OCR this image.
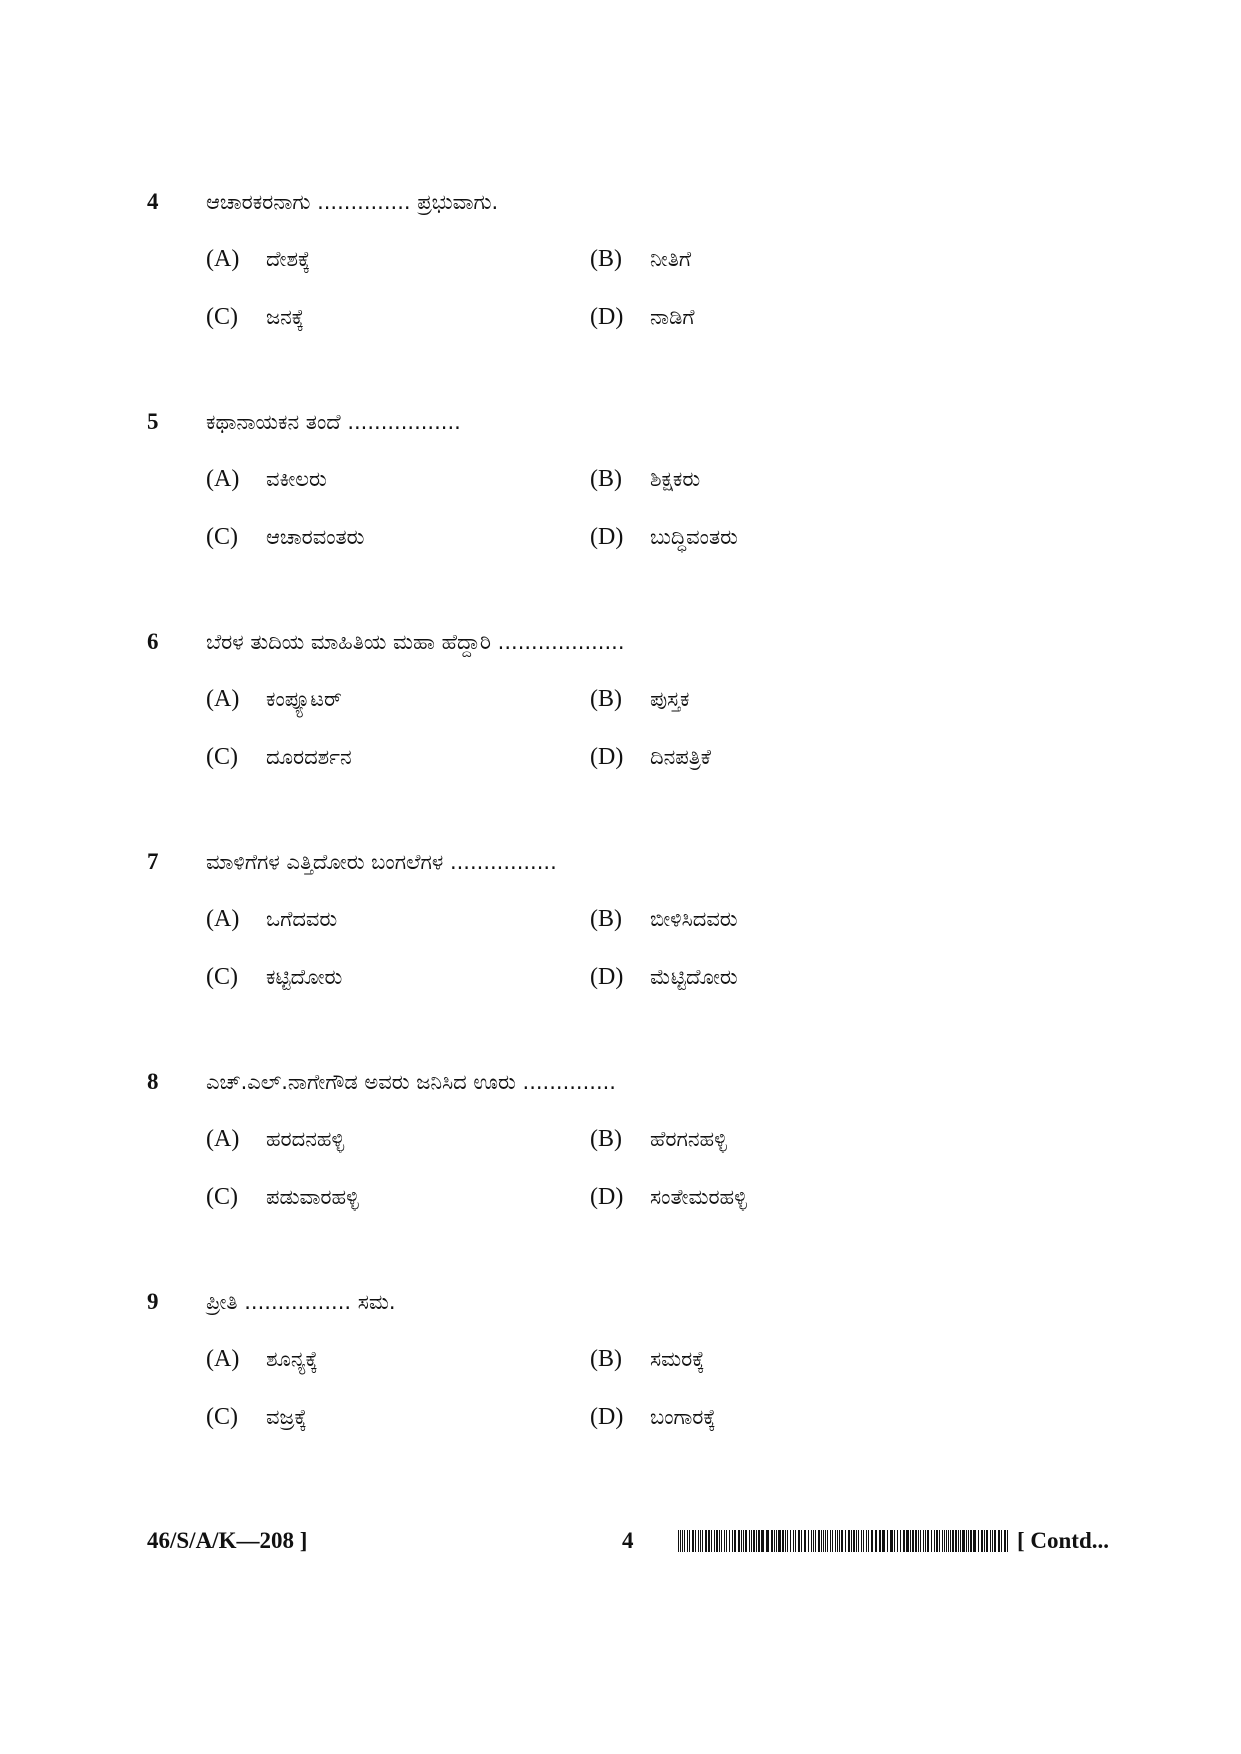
4 ಆಚಾರಕರನಾಗು .............. ಪ್ರಭುವಾಗು.
(A) ದೇಶಕ್ಕೆ	(B) ನೀತಿಗೆ
(C) ಜನಕ್ಕೆ	(D) ನಾಡಿಗೆ
5 ಕಥಾನಾಯಕನ ತಂದೆ .................
(A) ವಕೀಲರು	(B) ಶಿಕ್ಷಕರು
(C) ಆಚಾರವಂತರು	(D) ಬುದ್ಧಿವಂತರು
6 ಬೆರಳ ತುದಿಯ ಮಾಹಿತಿಯ ಮಹಾ ಹೆದ್ದಾರಿ ...................
(A) ಕಂಪ್ಯೂಟರ್	(B) ಪುಸ್ತಕ
(C) ದೂರದರ್ಶನ	(D) ದಿನಪತ್ರಿಕೆ
7 ಮಾಳಿಗೆಗಳ ಎತ್ತಿದೋರು ಬಂಗಲೆಗಳ ................
(A) ಒಗೆದವರು	(B) ಬೀಳಿಸಿದವರು
(C) ಕಟ್ಟಿದೋರು	(D) ಮೆಟ್ಟಿದೋರು
8 ಎಚ್.ಎಲ್.ನಾಗೇಗೌಡ ಅವರು ಜನಿಸಿದ ಊರು ..............
(A) ಹರದನಹಳ್ಳಿ	(B) ಹೆರಗನಹಳ್ಳಿ
(C) ಪಡುವಾರಹಳ್ಳಿ	(D) ಸಂತೇಮರಹಳ್ಳಿ
9 ಪ್ರೀತಿ ................ ಸಮ.
(A) ಶೂನ್ಯಕ್ಕೆ	(B) ಸಮರಕ್ಕೆ
(C) ವಜ್ರಕ್ಕೆ	(D) ಬಂಗಾರಕ್ಕೆ
46/S/A/K—208 ]	4	[ Contd...
